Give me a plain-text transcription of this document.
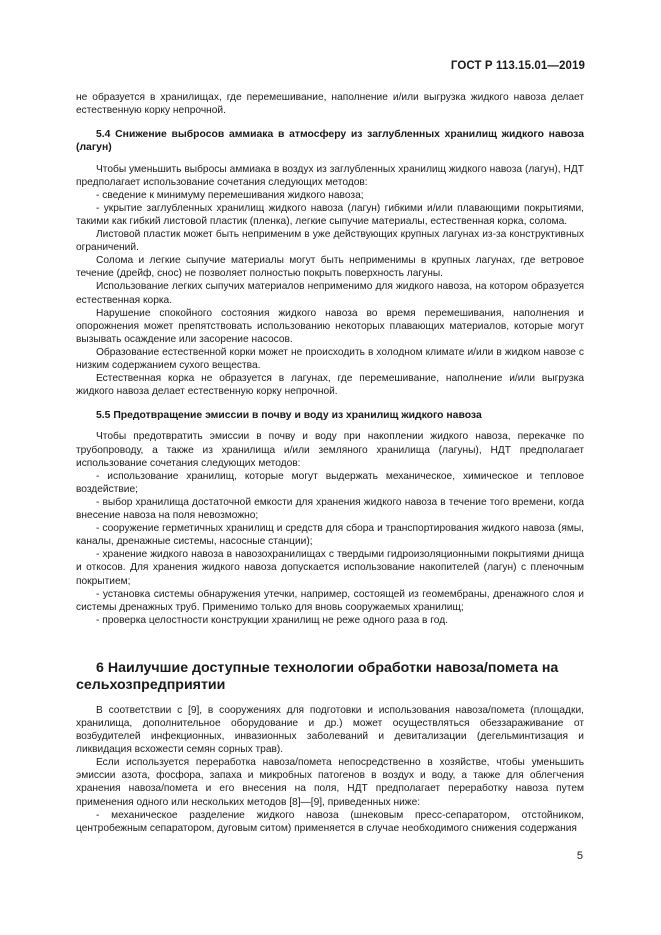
ГОСТ Р 113.15.01—2019

не образуется в хранилищах, где перемешивание, наполнение и/или выгрузка жидкого навоза делает естественную корку непрочной.

5.4 Снижение выбросов аммиака в атмосферу из заглубленных хранилищ жидкого навоза (лагун)

Чтобы уменьшить выбросы аммиака в воздух из заглубленных хранилищ жидкого навоза (лагун), НДТ предполагает использование сочетания следующих методов:

- сведение к минимуму перемешивания жидкого навоза;

- укрытие заглубленных хранилищ жидкого навоза (лагун) гибкими и/или плавающими покрытиями, такими как гибкий листовой пластик (пленка), легкие сыпучие материалы, естественная корка, солома.

Листовой пластик может быть неприменим в уже действующих крупных лагунах из-за конструктивных ограничений.

Солома и легкие сыпучие материалы могут быть неприменимы в крупных лагунах, где ветровое течение (дрейф, снос) не позволяет полностью покрыть поверхность лагуны.

Использование легких сыпучих материалов неприменимо для жидкого навоза, на котором образуется естественная корка.

Нарушение спокойного состояния жидкого навоза во время перемешивания, наполнения и опорожнения может препятствовать использованию некоторых плавающих материалов, которые могут вызывать осаждение или засорение насосов.

Образование естественной корки может не происходить в холодном климате и/или в жидком навозе с низким содержанием сухого вещества.

Естественная корка не образуется в лагунах, где перемешивание, наполнение и/или выгрузка жидкого навоза делает естественную корку непрочной.

5.5 Предотвращение эмиссии в почву и воду из хранилищ жидкого навоза

Чтобы предотвратить эмиссии в почву и воду при накоплении жидкого навоза, перекачке по трубопроводу, а также из хранилища и/или земляного хранилища (лагуны), НДТ предполагает использование сочетания следующих методов:

- использование хранилищ, которые могут выдержать механическое, химическое и тепловое воздействие;

- выбор хранилища достаточной емкости для хранения жидкого навоза в течение того времени, когда внесение навоза на поля невозможно;

- сооружение герметичных хранилищ и средств для сбора и транспортирования жидкого навоза (ямы, каналы, дренажные системы, насосные станции);

- хранение жидкого навоза в навозохранилищах с твердыми гидроизоляционными покрытиями днища и откосов. Для хранения жидкого навоза допускается использование накопителей (лагун) с пленочным покрытием;

- установка системы обнаружения утечки, например, состоящей из геомембраны, дренажного слоя и системы дренажных труб. Применимо только для вновь сооружаемых хранилищ;

- проверка целостности конструкции хранилищ не реже одного раза в год.

6 Наилучшие доступные технологии обработки навоза/помета на сельхозпредприятии

В соответствии с [9], в сооружениях для подготовки и использования навоза/помета (площадки, хранилища, дополнительное оборудование и др.) может осуществляться обеззараживание от возбудителей инфекционных, инвазионных заболеваний и девитализации (дегельминтизация и ликвидация всхожести семян сорных трав).

Если используется переработка навоза/помета непосредственно в хозяйстве, чтобы уменьшить эмиссии азота, фосфора, запаха и микробных патогенов в воздух и воду, а также для облегчения хранения навоза/помета и его внесения на поля, НДТ предполагает переработку навоза путем применения одного или нескольких методов [8]—[9], приведенных ниже:

- механическое разделение жидкого навоза (шнековым пресс-сепаратором, отстойником, центробежным сепаратором, дуговым ситом) применяется в случае необходимого снижения содержания

5
